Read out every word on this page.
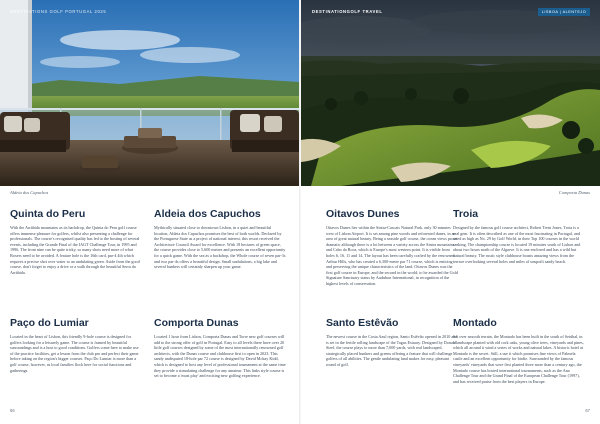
DESTINATIONS GOLF PORTUGAL 2025	DESTINATIONGOLF TRAVEL	LISBOA | ALENTEJO
Aldeia dos Capuchos	Comporta Dunas
Quinta do Peru

With the Arrábida mountains as its backdrop, the Quinta do Peru golf course offers immense pleasure for golfers, whilst also presenting a challenge for professionals. The course's recognised quality has led to the hosting of several events, including the Grande Final of the IAGT Challenge Tour, in 1995 and 1996. The front nine can be quite tricky, so many shots need more of what Boxers need to be avoided. A feature hole is the 16th card, par-4 4th which requires a precise shot over water to an undulating green. Aside from the good course, don't forget to enjoy a drive or a walk through the beautiful Serra da Arrábida.

Aldeia dos Capuchos

Mythically situated close to downtown Lisbon, in a quiet and beautiful location, Aldeia dos Capuchos promises the best of both worlds. Declared by the Portuguese State as a project of national interest, this resort received the Architecture Council Award for excellence. With 18 hectares of green space, the course provides close to 5,600 metres and presents an excellent opportunity for a quick game. With the sea as a backdrop, the Whole course of seven par-3s and two par-4s offers a beautiful design. Small undulations, a big lake and several bunkers will certainly sharpen up your game.

Oitavos Dunes

Oitavos Dunes lies within the Sintra-Cascais Natural Park, only 30 minutes west of Lisbon Airport. It is set among pine woods and reforested dunes, in an area of great natural beauty. Being a seaside golf course, the ocean views prove dramatic although there is a lot between a variety across the Sintra mountains and Cabo da Roca, which is Europe's most western point. It is visible from holes 6, 16, 11 and 14. The layout has been carefully crafted by the renowned Arthur Hills, who has created a 6,300-metre par 71 course, which is enticing and preserving the unique characteristics of the land. Oitavos Dunes was the first golf course in Europe, and the second in the world, to be awarded the Gold Signature Sanctuary status by Audubon International, in recognition of the highest levels of conservation.

Troia

Designed by the famous golf course architect, Robert Trent Jones, Troia is a real gem. It is often described as one of the most fascinating in Portugal, and rated as high as No. 29 by Golf World, in their Top 100 courses in the world ranking. The championship course is located 19 minutes south of Lisbon and about two hours north of the Algarve. It is one enclosed and has a wild but natural beauty. The rustic style clubhouse boasts amazing views from the terrace overlooking several holes and miles of unspoilt sandy beach.

Paço do Lumiar

Located in the heart of Lisbon, this friendly 9-hole course is designed for golfers looking for a leisurely game. The course is framed by beautiful surroundings and is a host to good conditions. Golfers come here to make use of the practice facilities, get a lesson from the club pro and perfect their game before taking on the region's bigger courses. Paço Do Lumiar is more than a golf course, however, as local families flock here for social functions and gatherings.

Comporta Dunas

Located 1 hour from Lisbon, Comporta Dunas and Torre new golf courses will add to the strong offer of golf in Portugal. Easy to all levels there have over 20 little golf courses designed by some of the most internationally renowned golf architects, with the Dunas course and clubhouse first to open in 2023. This sandy undisputed 18-hole par 72 course is designed by David Mckay Kidd, which is designed to host any level of professional tournament at the same time they provide a stimulating challenge for any amateur. This links style course is set to become a 'must play' and exciting new golfing experience.

Santo Estêvão

The newest course in the Costa Azul region, Santo Estêvão opened in 2010 and is set in the fertile rolling landscape of the Tagus Estuary. Designed by Donald Steel, the course plays to more than 7,000 yards, with real landscaped, strategically placed bunkers and greens offering a feature that will challenge golfers of all abilities. The gentle undulating land makes for easy, pleasant round of golf.

Montado

Set over smooth terrain, the Montado has been built in the south of Setúbal, in a landscape planted with old cork oaks, young olive trees, vineyards and pines, which all around it wind a series of works and natural lakes. A historic hotel at Montado is the secret. Still, a use it which promises fine views of Palmela castle and an excellent opportunity for birdie. Surrounded by the famous vineyards' vineyards that were first planted three more than a century ago, the Montado course has hosted international tournaments, such as the Ana Challenge Tour and the Grand Final of the European Challenge Tour (1997), and has received praise from the best players in Europe.

66	67
